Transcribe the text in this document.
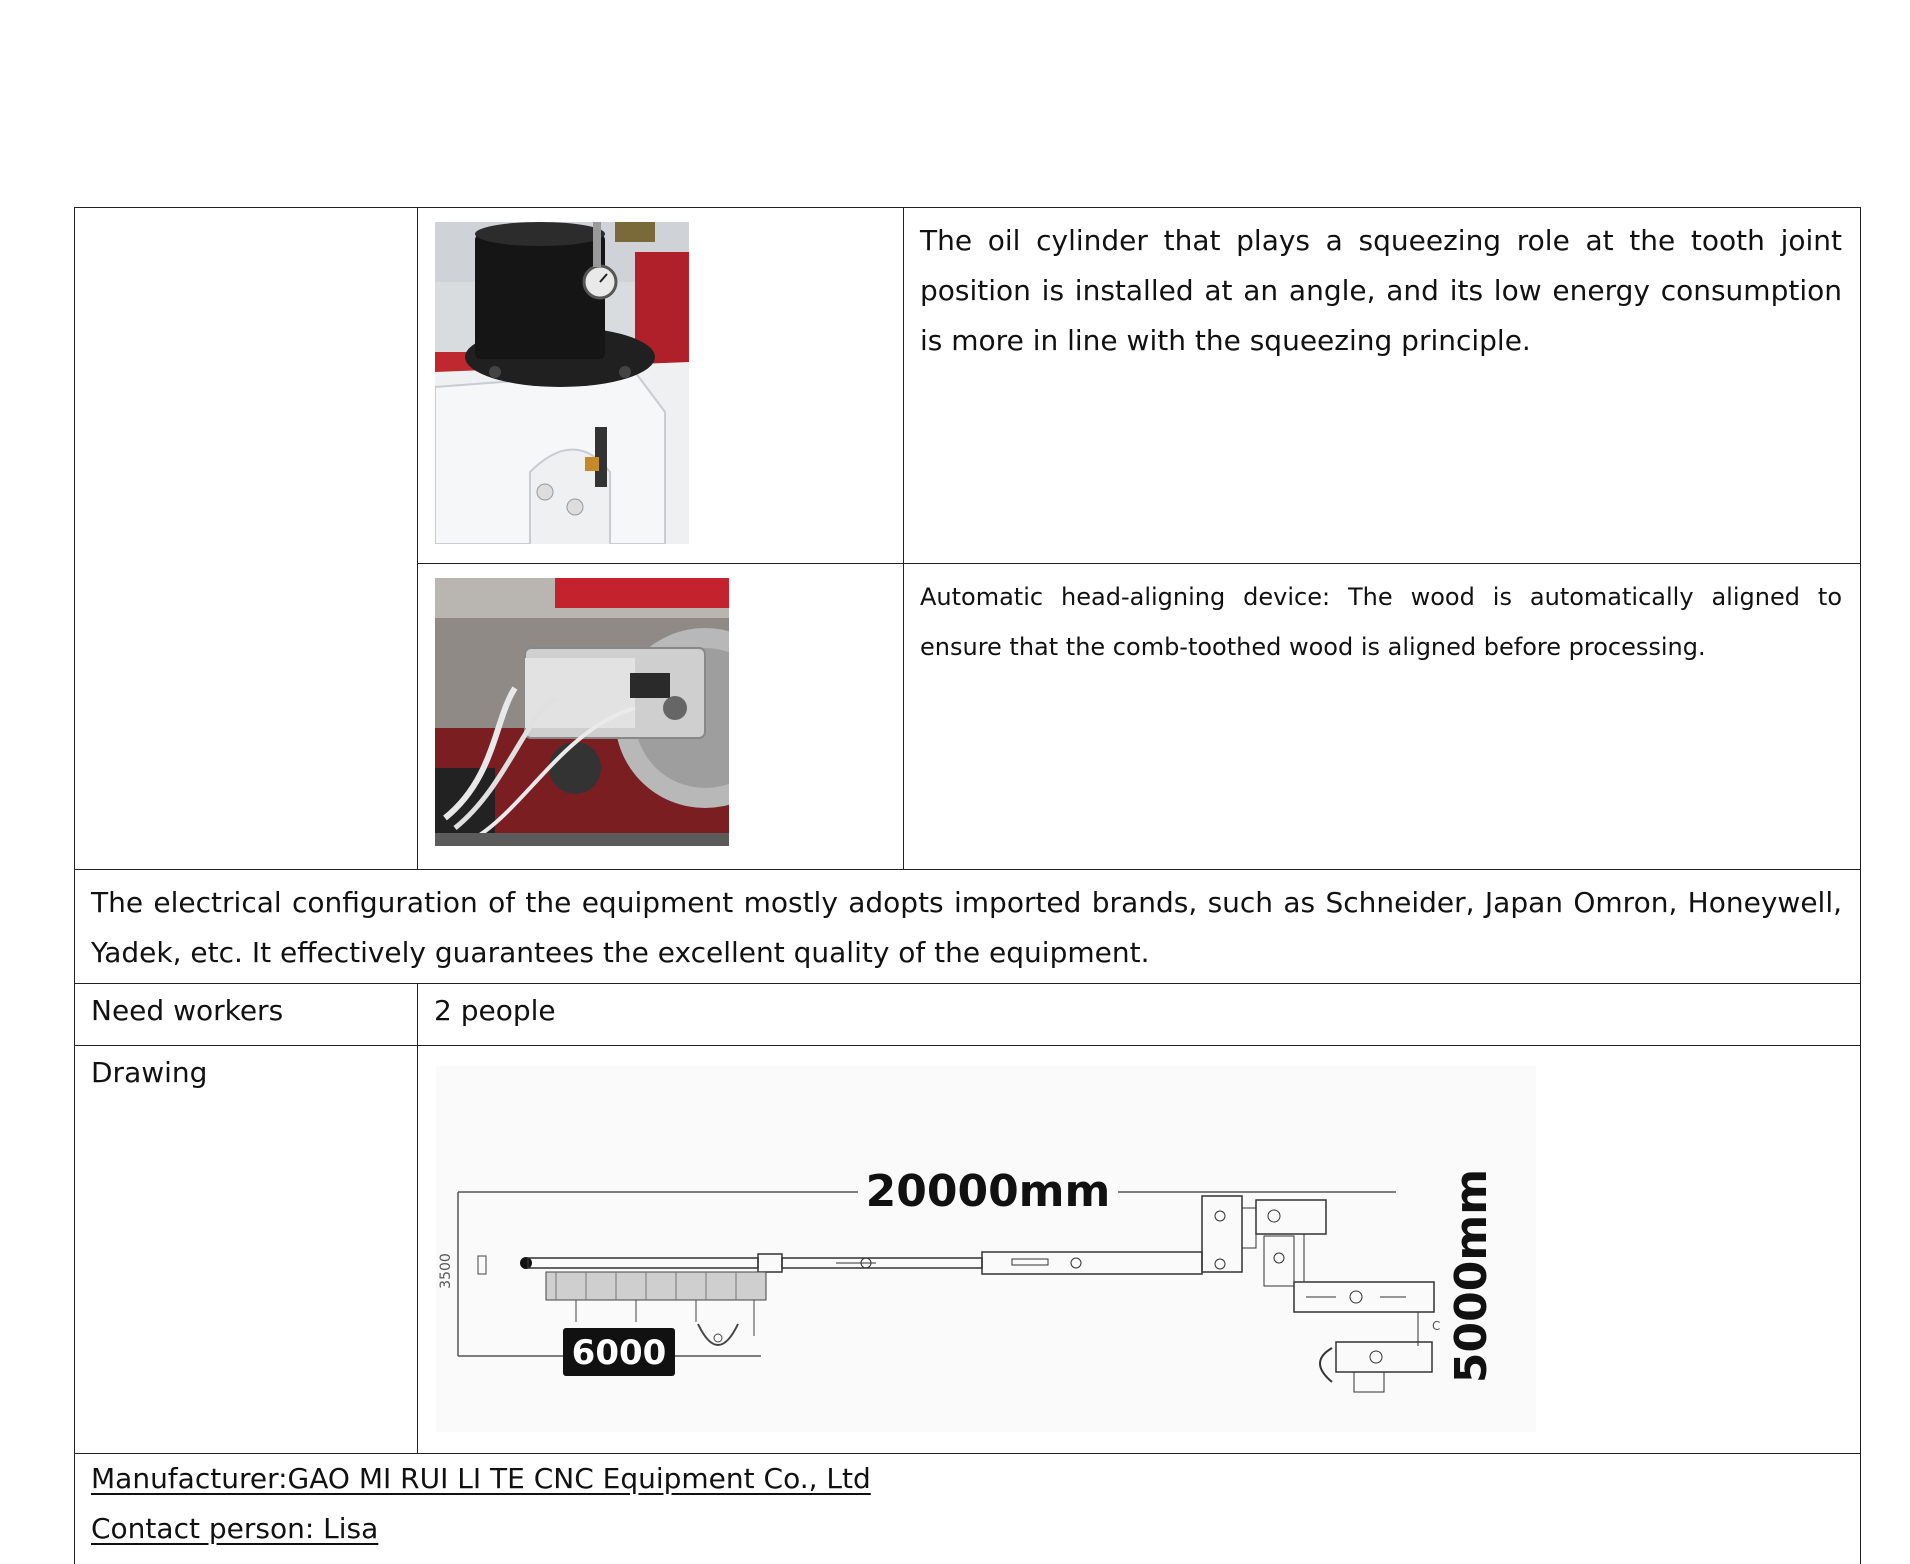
The oil cylinder that plays a squeezing role at the tooth joint position is installed at an angle, and its low energy consumption is more in line with the squeezing principle.

Automatic head-aligning device: The wood is automatically aligned to ensure that the comb-toothed wood is aligned before processing.

The electrical configuration of the equipment mostly adopts imported brands, such as Schneider, Japan Omron, Honeywell, Yadek, etc. It effectively guarantees the excellent quality of the equipment.		

Need workers	2 people	

Drawing	20000mm
3500
6000
C 5000mm	

Manufacturer:GAO MI RUI LI TE CNC Equipment Co., Ltd
Contact person: Lisa		
